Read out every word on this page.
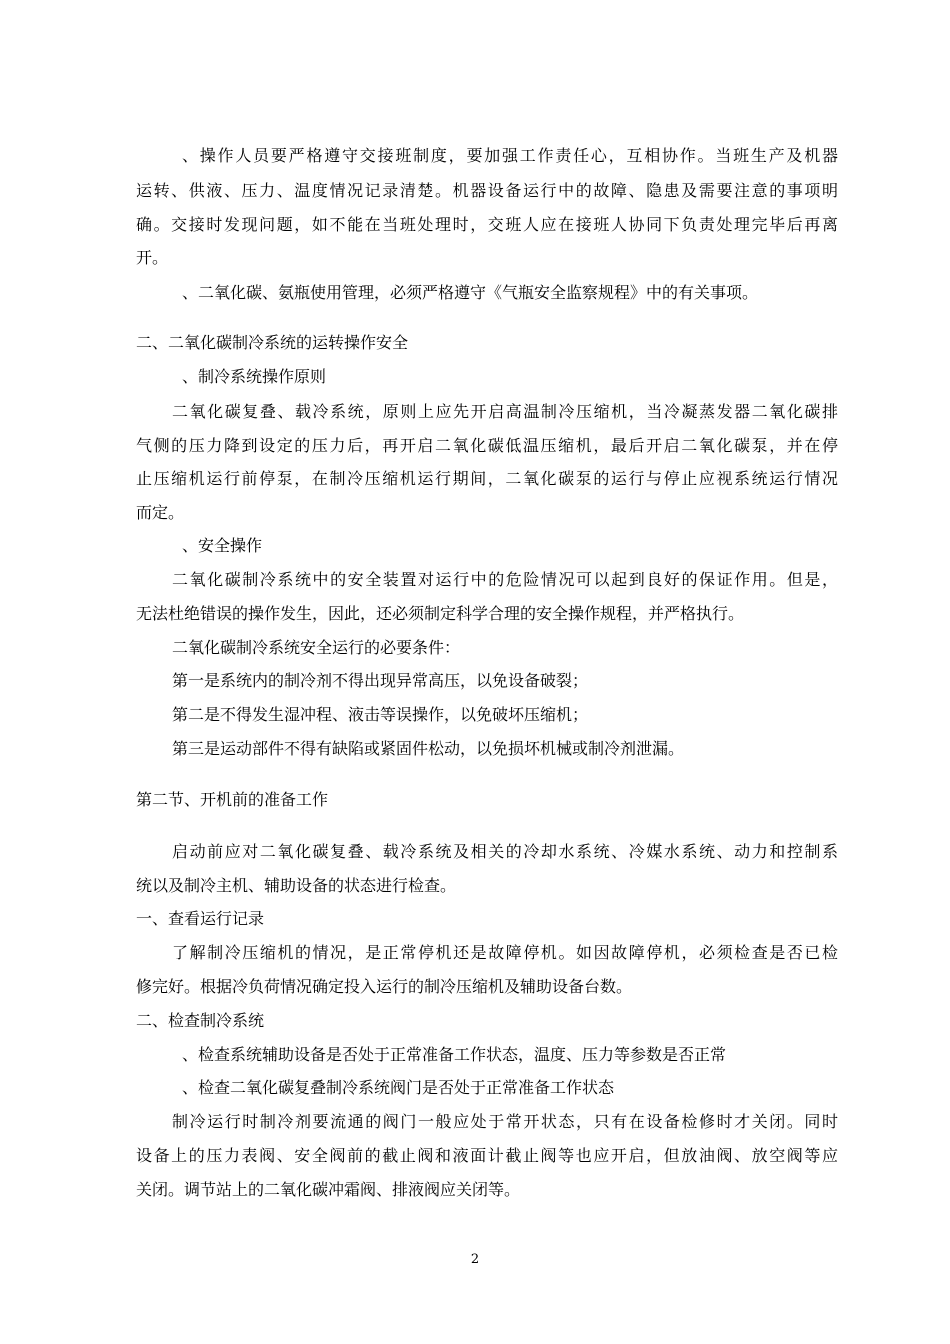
、操作人员要严格遵守交接班制度，要加强工作责任心，互相协作。当班生产及机器
运转、供液、压力、温度情况记录清楚。机器设备运行中的故障、隐患及需要注意的事项明
确。交接时发现问题，如不能在当班处理时，交班人应在接班人协同下负责处理完毕后再离
开。
、二氧化碳、氨瓶使用管理，必须严格遵守《气瓶安全监察规程》中的有关事项。
二、二氧化碳制冷系统的运转操作安全
、制冷系统操作原则
二氧化碳复叠、载冷系统，原则上应先开启高温制冷压缩机，当冷凝蒸发器二氧化碳排
气侧的压力降到设定的压力后，再开启二氧化碳低温压缩机，最后开启二氧化碳泵，并在停
止压缩机运行前停泵，在制冷压缩机运行期间，二氧化碳泵的运行与停止应视系统运行情况
而定。
、安全操作
二氧化碳制冷系统中的安全装置对运行中的危险情况可以起到良好的保证作用。但是，
无法杜绝错误的操作发生，因此，还必须制定科学合理的安全操作规程，并严格执行。
二氧化碳制冷系统安全运行的必要条件：
第一是系统内的制冷剂不得出现异常高压，以免设备破裂；
第二是不得发生湿冲程、液击等误操作，以免破坏压缩机；
第三是运动部件不得有缺陷或紧固件松动，以免损坏机械或制冷剂泄漏。
第二节、开机前的准备工作
启动前应对二氧化碳复叠、载冷系统及相关的冷却水系统、冷媒水系统、动力和控制系
统以及制冷主机、辅助设备的状态进行检查。
一、查看运行记录
了解制冷压缩机的情况，是正常停机还是故障停机。如因故障停机，必须检查是否已检
修完好。根据冷负荷情况确定投入运行的制冷压缩机及辅助设备台数。
二、检查制冷系统
、检查系统辅助设备是否处于正常准备工作状态，温度、压力等参数是否正常
、检查二氧化碳复叠制冷系统阀门是否处于正常准备工作状态
制冷运行时制冷剂要流通的阀门一般应处于常开状态，只有在设备检修时才关闭。同时
设备上的压力表阀、安全阀前的截止阀和液面计截止阀等也应开启，但放油阀、放空阀等应
关闭。调节站上的二氧化碳冲霜阀、排液阀应关闭等。
2
